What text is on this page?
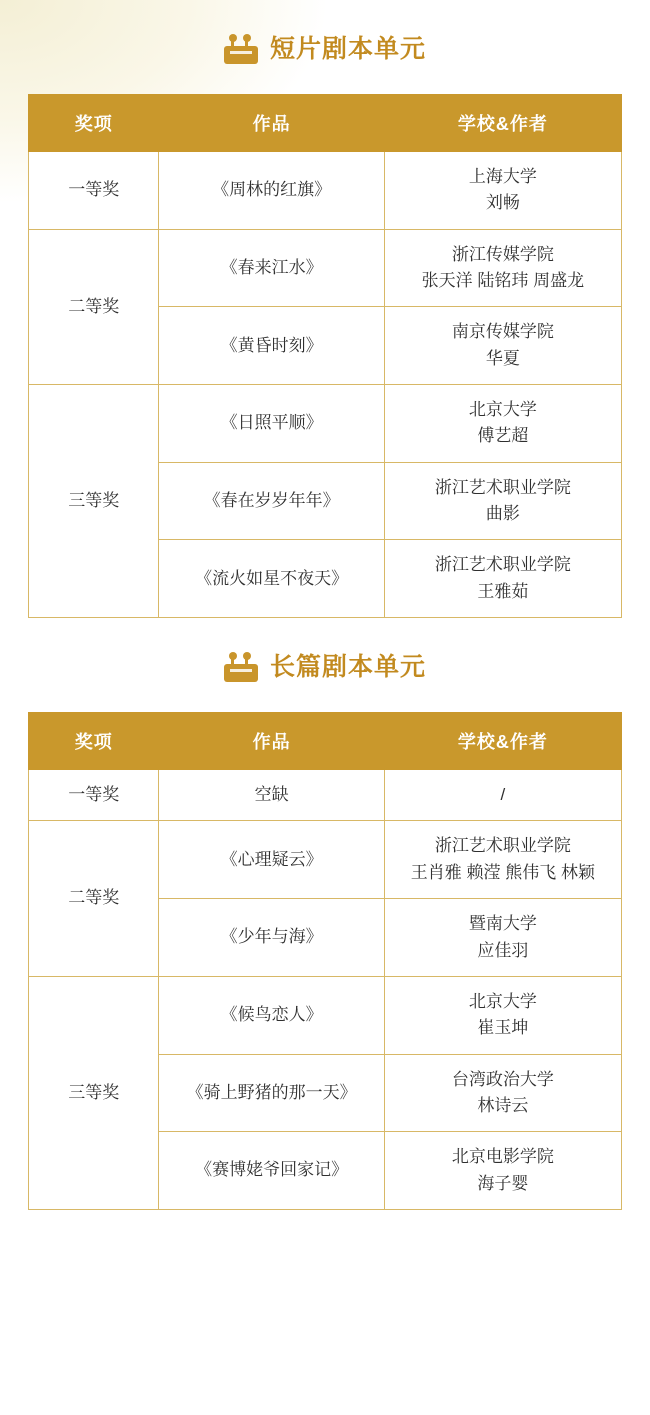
短片剧本单元
奖项	作品	学校&作者
一等奖	《周林的红旗》	上海大学
刘畅

二等奖	《春来江水》	浙江传媒学院
张天洋 陆铭玮 周盛龙

	《黄昏时刻》	南京传媒学院
华夏

三等奖	《日照平顺》	北京大学
傅艺超

	《春在岁岁年年》	浙江艺术职业学院
曲影

	《流火如星不夜天》	浙江艺术职业学院
王雅茹
长篇剧本单元
奖项	作品	学校&作者
一等奖	空缺	/
二等奖	《心理疑云》	浙江艺术职业学院
王肖雅 赖滢 熊伟飞 林颖

	《少年与海》	暨南大学
应佳羽

三等奖	《候鸟恋人》	北京大学
崔玉坤

	《骑上野猪的那一天》	台湾政治大学
林诗云

	《赛博姥爷回家记》	北京电影学院
海子婴
